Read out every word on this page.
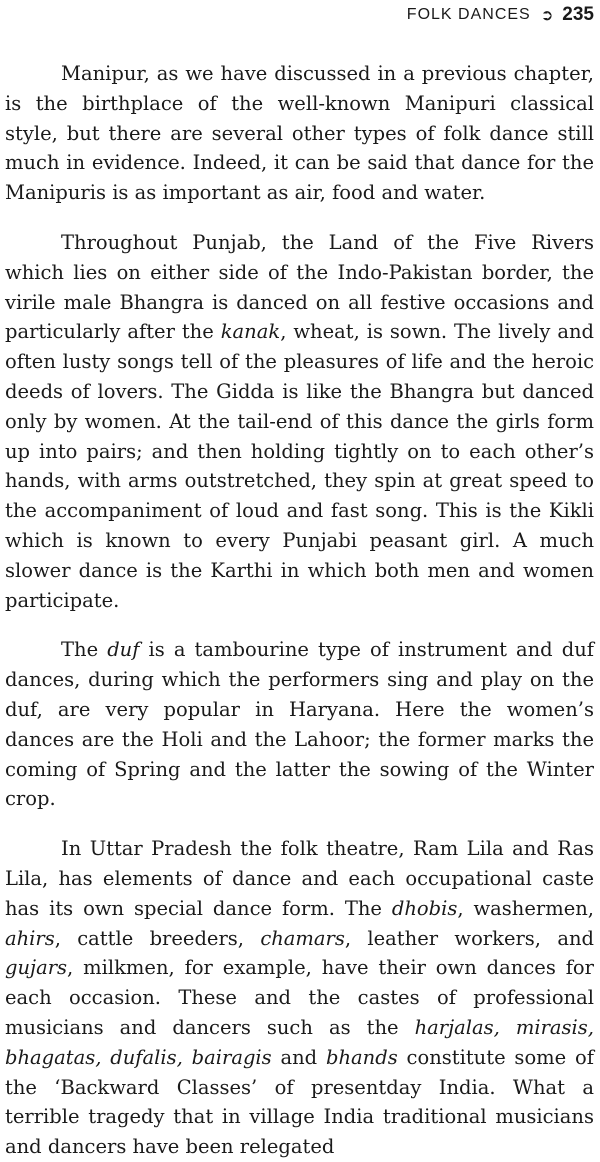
FOLK DANCES ➲ 235

Manipur, as we have discussed in a previous chapter, is the birthplace of the well-known Manipuri classical style, but there are several other types of folk dance still much in evidence. Indeed, it can be said that dance for the Manipuris is as important as air, food and water.

Throughout Punjab, the Land of the Five Rivers which lies on either side of the Indo-Pakistan border, the virile male Bhangra is danced on all festive occasions and particularly after the kanak, wheat, is sown. The lively and often lusty songs tell of the pleasures of life and the heroic deeds of lovers. The Gidda is like the Bhangra but danced only by women. At the tail-end of this dance the girls form up into pairs; and then holding tightly on to each other’s hands, with arms outstretched, they spin at great speed to the accompaniment of loud and fast song. This is the Kikli which is known to every Punjabi peasant girl. A much slower dance is the Karthi in which both men and women participate.

The duf is a tambourine type of instrument and duf dances, during which the performers sing and play on the duf, are very popular in Haryana. Here the women’s dances are the Holi and the Lahoor; the former marks the coming of Spring and the latter the sowing of the Winter crop.

In Uttar Pradesh the folk theatre, Ram Lila and Ras Lila, has elements of dance and each occupational caste has its own special dance form. The dhobis, washermen, ahirs, cattle breeders, chamars, leather workers, and gujars, milkmen, for example, have their own dances for each occasion. These and the castes of professional musicians and dancers such as the harjalas, mirasis, bhagatas, dufalis, bairagis and bhands constitute some of the ‘Backward Classes’ of presentday India. What a terrible tragedy that in village India traditional musicians and dancers have been relegated
